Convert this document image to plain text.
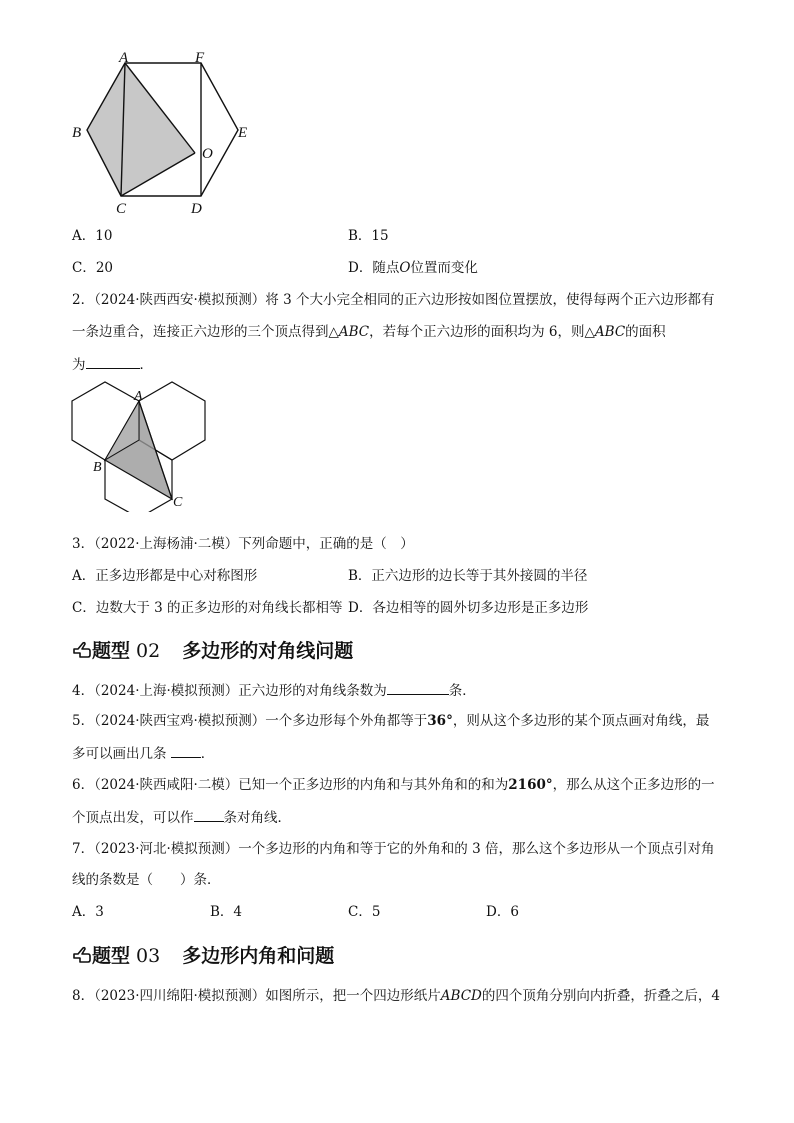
A	F
B	E
O
C	D
A．10	B．15
C．20	D．随点O位置而变化
2．（2024·陕西西安·模拟预测）将 3 个大小完全相同的正六边形按如图位置摆放，使得每两个正六边形都有
一条边重合，连接正六边形的三个顶点得到△ABC，若每个正六边形的面积均为 6，则△ABC的面积
为	．
A
B
C
3．（2022·上海杨浦·二模）下列命题中，正确的是（　）
A．正多边形都是中心对称图形	B．正六边形的边长等于其外接圆的半径
C．边数大于 3 的正多边形的对角线长都相等 D．各边相等的圆外切多边形是正多边形
题型 02 多边形的对角线问题
4．（2024·上海·模拟预测）正六边形的对角线条数为	条．
5．（2024·陕西宝鸡·模拟预测）一个多边形每个外角都等于36°，则从这个多边形的某个顶点画对角线，最
多可以画出几条	．
6．（2024·陕西咸阳·二模）已知一个正多边形的内角和与其外角和的和为2160°，那么从这个正多边形的一
个顶点出发，可以作 条对角线．
7．（2023·河北·模拟预测）一个多边形的内角和等于它的外角和的 3 倍，那么这个多边形从一个顶点引对角
线的条数是（　　）条．
A．3	B．4	C．5	D．6
题型 03 多边形内角和问题
8．（2023·四川绵阳·模拟预测）如图所示，把一个四边形纸片ABCD的四个顶角分别向内折叠，折叠之后，4
